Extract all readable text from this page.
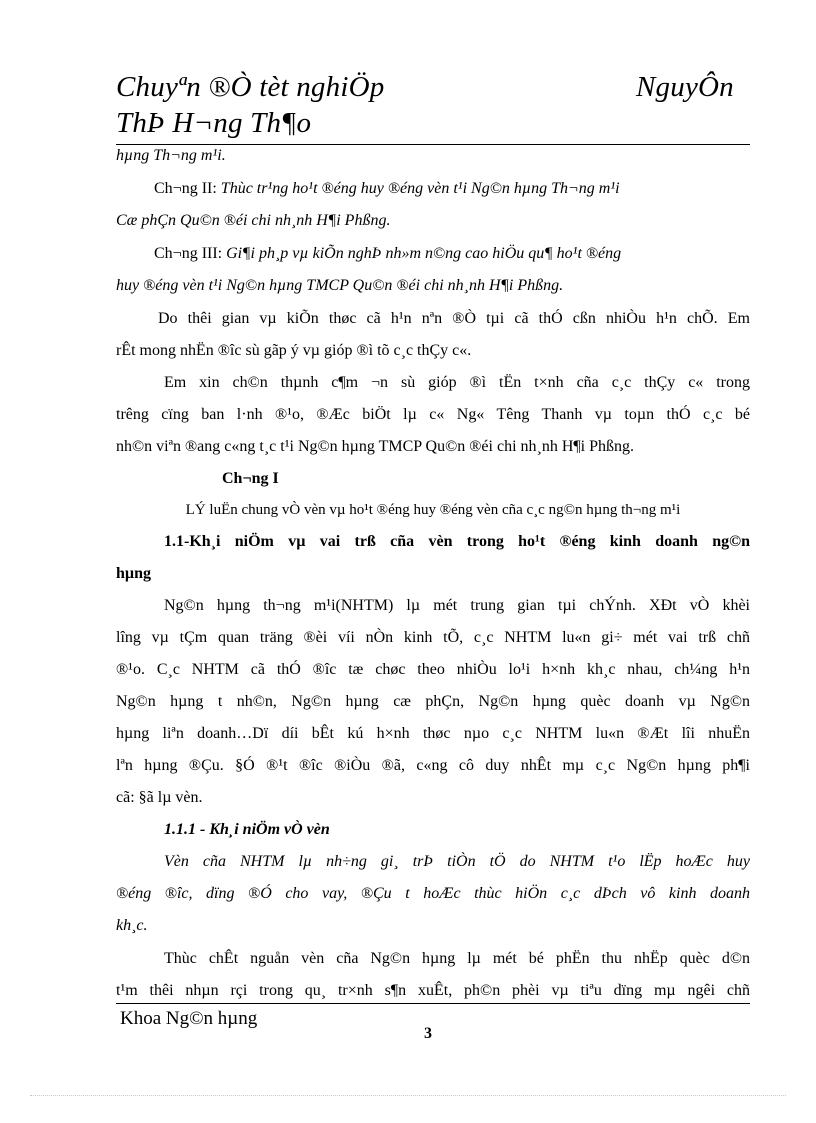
Chuyªn ®Ò tèt nghiÖp	NguyÔn
ThÞ H¬ng Th¶o
hµng Th¬ng m¹i.
Ch¬ng II: Thùc tr¹ng ho¹t ®éng huy ®éng vèn t¹i Ng©n hµng Th¬ng m¹i
Cæ phÇn Qu©n ®éi chi nh¸nh H¶i Phßng.
Ch¬ng III: Gi¶i ph¸p vµ kiÕn nghÞ nh»m n©ng cao hiÖu qu¶ ho¹t ®éng
huy ®éng vèn t¹i Ng©n hµng TMCP Qu©n ®éi chi nh¸nh H¶i Phßng.
Do thêi gian vµ kiÕn thøc cã h¹n nªn ®Ò tµi cã thÓ cßn nhiÒu h¹n chÕ. Em
rÊt mong nhËn ®îc sù gãp ý vµ gióp ®ì tõ c¸c thÇy c«.
Em xin ch©n thµnh c¶m ¬n sù gióp ®ì tËn t×nh cña c¸c thÇy c« trong
trêng cïng ban l·nh ®¹o, ®Æc biÖt lµ c« Ng« Têng Thanh vµ toµn thÓ c¸c bé
nh©n viªn ®ang c«ng t¸c t¹i Ng©n hµng TMCP Qu©n ®éi chi nh¸nh H¶i Phßng.
Ch¬ng I
LÝ luËn chung vÒ vèn vµ ho¹t ®éng huy ®éng vèn cña c¸c ng©n hµng th¬ng m¹i
1.1-Kh¸i niÖm vµ vai trß cña vèn trong ho¹t ®éng kinh doanh ng©n
hµng
Ng©n hµng th¬ng m¹i(NHTM) lµ mét trung gian tµi chÝnh. XÐt vÒ khèi
lîng vµ tÇm quan träng ®èi víi nÒn kinh tÕ, c¸c NHTM lu«n gi÷ mét vai trß chñ
®¹o. C¸c NHTM cã thÓ ®îc tæ chøc theo nhiÒu lo¹i h×nh kh¸c nhau, ch¼ng h¹n
Ng©n hµng t nh©n, Ng©n hµng cæ phÇn, Ng©n hµng quèc doanh vµ Ng©n
hµng liªn doanh…Dï díi bÊt kú h×nh thøc nµo c¸c NHTM lu«n ®Æt lîi nhuËn
lªn hµng ®Çu. §Ó ®¹t ®îc ®iÒu ®ã, c«ng cô duy nhÊt mµ c¸c Ng©n hµng ph¶i
cã: §ã lµ vèn.
1.1.1 - Kh¸i niÖm vÒ vèn
Vèn cña NHTM lµ nh÷ng gi¸ trÞ tiÒn tÖ do NHTM t¹o lËp hoÆc huy
®éng ®îc, dïng ®Ó cho vay, ®Çu t hoÆc thùc hiÖn c¸c dÞch vô kinh doanh
kh¸c.
Thùc chÊt nguån vèn cña Ng©n hµng lµ mét bé phËn thu nhËp quèc d©n
t¹m thêi nhµn rçi trong qu¸ tr×nh s¶n xuÊt, ph©n phèi vµ tiªu dïng mµ ngêi chñ
Khoa Ng©n hµng
3
